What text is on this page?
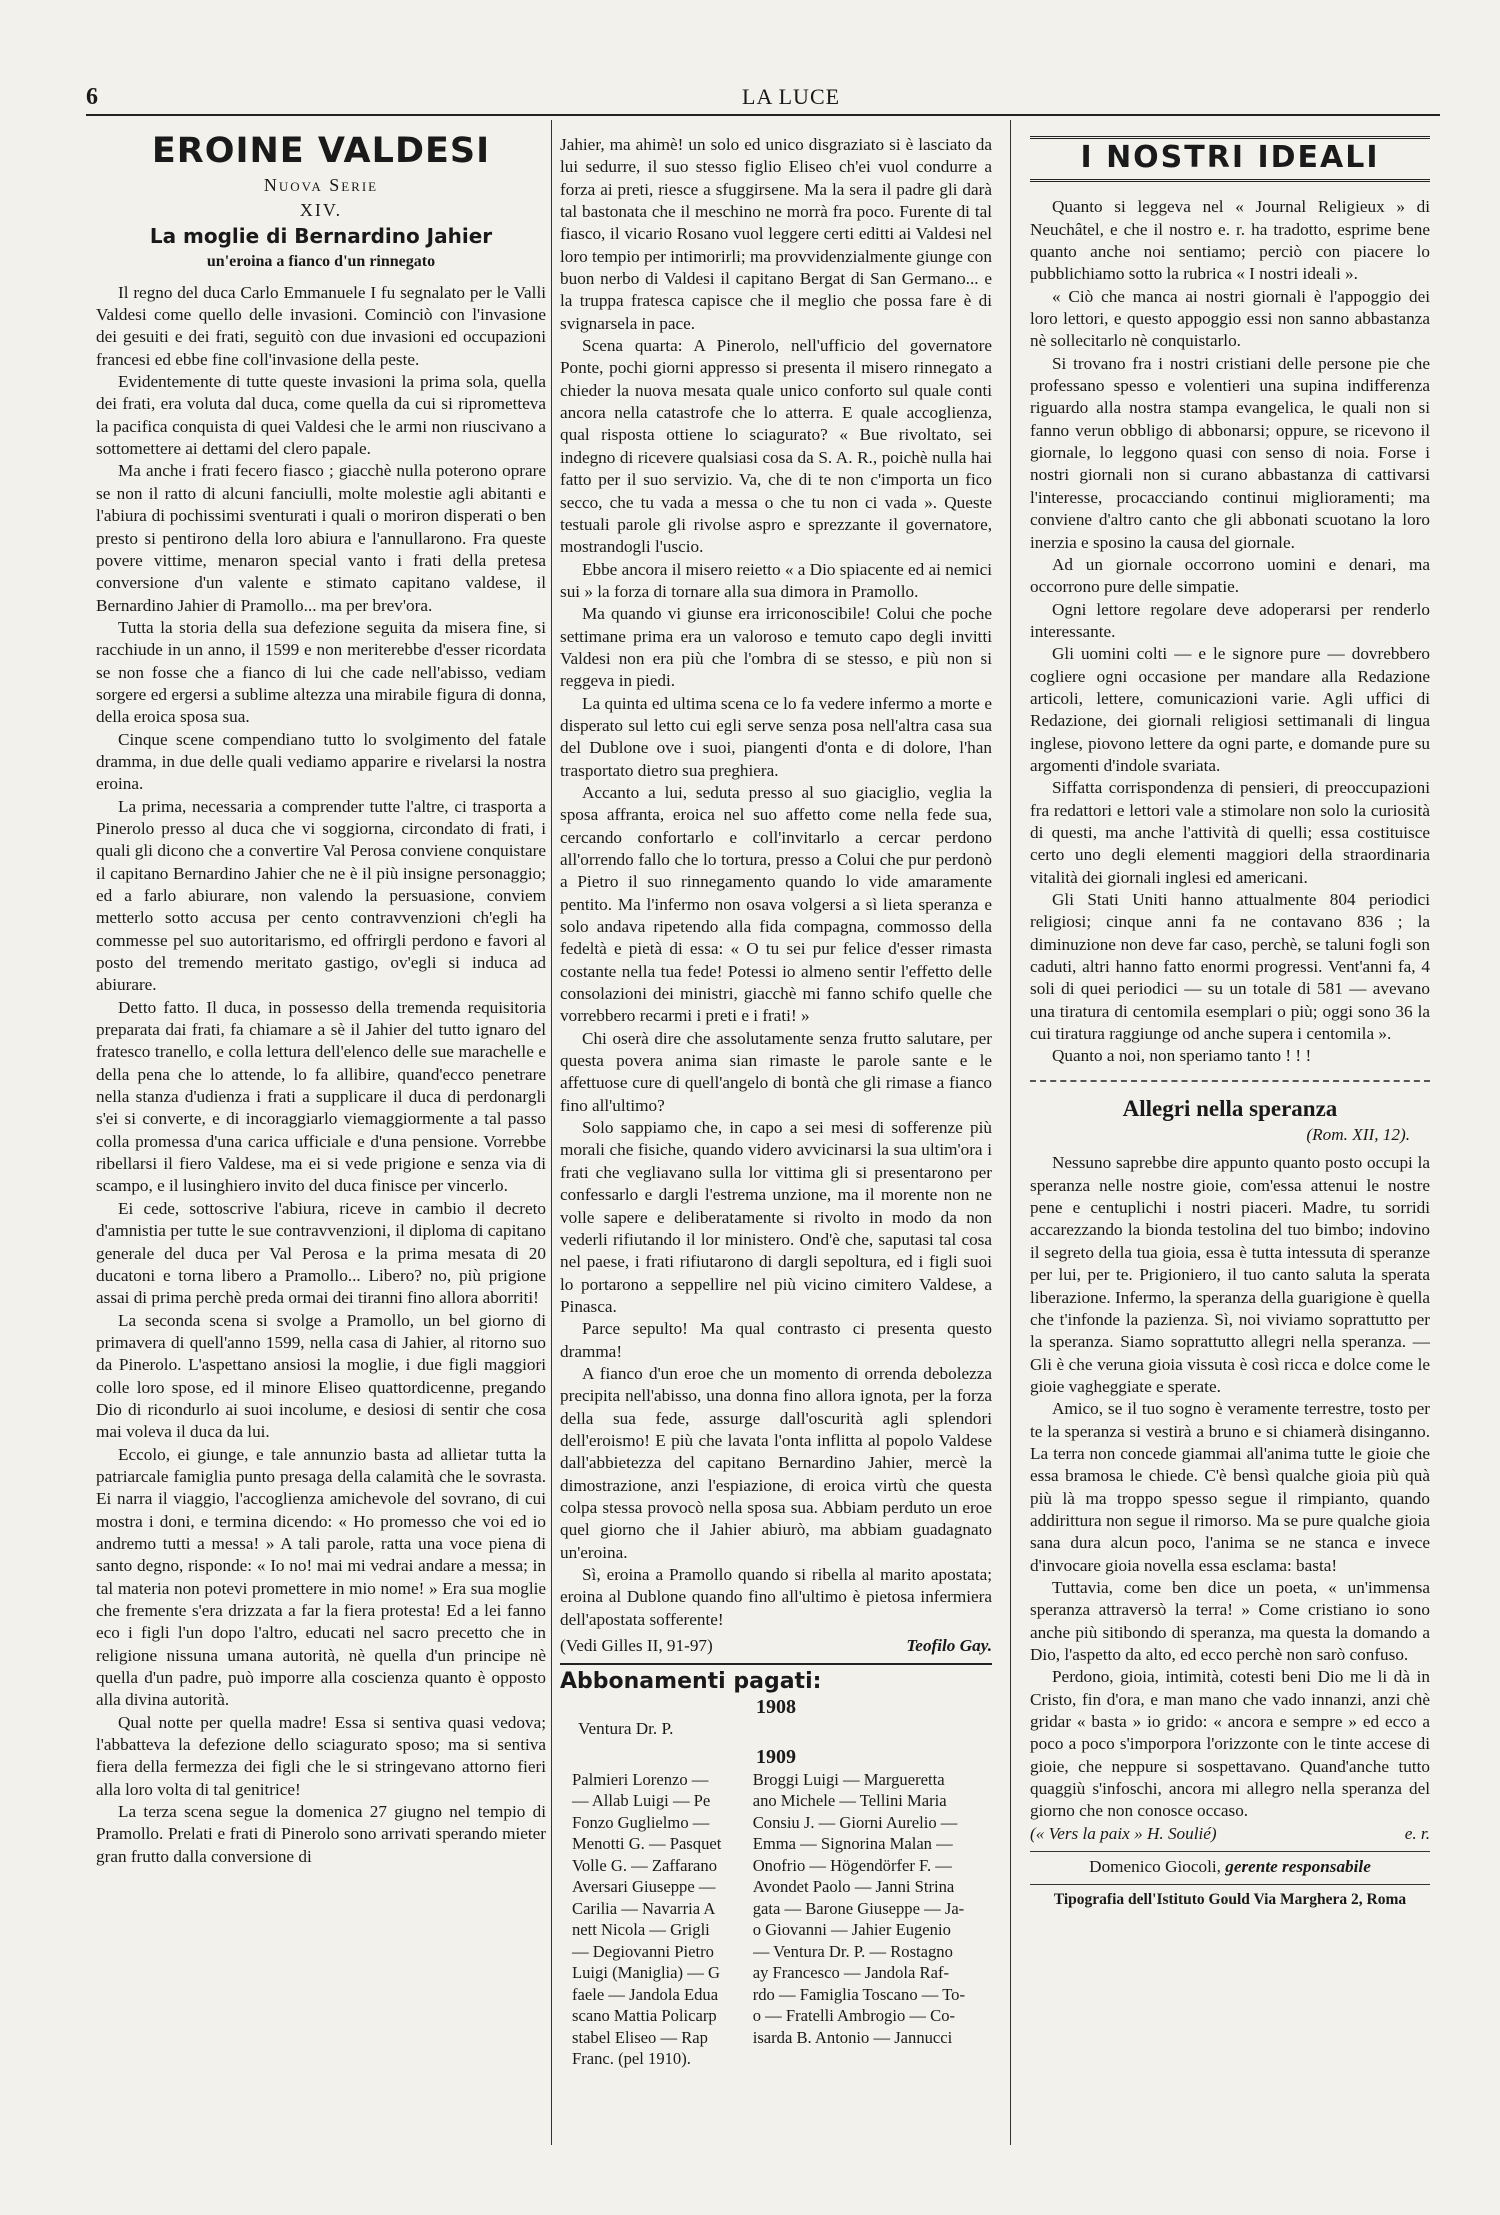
6	LA LUCE
EROINE VALDESI
Nuova Serie
XIV.
La moglie di Bernardino Jahier
un'eroina a fianco d'un rinnegato

Il regno del duca Carlo Emmanuele I fu segnalato per le Valli Valdesi come quello delle invasioni. Cominciò con l'invasione dei gesuiti e dei frati, seguitò con due invasioni ed occupazioni francesi ed ebbe fine coll'invasione della peste.

Evidentemente di tutte queste invasioni la prima sola, quella dei frati, era voluta dal duca, come quella da cui si riprometteva la pacifica conquista di quei Valdesi che le armi non riuscivano a sottomettere ai dettami del clero papale.

Ma anche i frati fecero fiasco ; giacchè nulla poterono oprare se non il ratto di alcuni fanciulli, molte molestie agli abitanti e l'abiura di pochissimi sventurati i quali o moriron disperati o ben presto si pentirono della loro abiura e l'annullarono. Fra queste povere vittime, menaron special vanto i frati della pretesa conversione d'un valente e stimato capitano valdese, il Bernardino Jahier di Pramollo... ma per brev'ora.

Tutta la storia della sua defezione seguita da misera fine, si racchiude in un anno, il 1599 e non meriterebbe d'esser ricordata se non fosse che a fianco di lui che cade nell'abisso, vediam sorgere ed ergersi a sublime altezza una mirabile figura di donna, della eroica sposa sua.

Cinque scene compendiano tutto lo svolgimento del fatale dramma, in due delle quali vediamo apparire e rivelarsi la nostra eroina.

La prima, necessaria a comprender tutte l'altre, ci trasporta a Pinerolo presso al duca che vi soggiorna, circondato di frati, i quali gli dicono che a convertire Val Perosa conviene conquistare il capitano Bernardino Jahier che ne è il più insigne personaggio; ed a farlo abiurare, non valendo la persuasione, conviem metterlo sotto accusa per cento contravvenzioni ch'egli ha commesse pel suo autoritarismo, ed offrirgli perdono e favori al posto del tremendo meritato gastigo, ov'egli si induca ad abiurare.

Detto fatto. Il duca, in possesso della tremenda requisitoria preparata dai frati, fa chiamare a sè il Jahier del tutto ignaro del fratesco tranello, e colla lettura dell'elenco delle sue marachelle e della pena che lo attende, lo fa allibire, quand'ecco penetrare nella stanza d'udienza i frati a supplicare il duca di perdonargli s'ei si converte, e di incoraggiarlo viemaggiormente a tal passo colla promessa d'una carica ufficiale e d'una pensione. Vorrebbe ribellarsi il fiero Valdese, ma ei si vede prigione e senza via di scampo, e il lusinghiero invito del duca finisce per vincerlo.

Ei cede, sottoscrive l'abiura, riceve in cambio il decreto d'amnistia per tutte le sue contravvenzioni, il diploma di capitano generale del duca per Val Perosa e la prima mesata di 20 ducatoni e torna libero a Pramollo... Libero? no, più prigione assai di prima perchè preda ormai dei tiranni fino allora aborriti!

La seconda scena si svolge a Pramollo, un bel giorno di primavera di quell'anno 1599, nella casa di Jahier, al ritorno suo da Pinerolo. L'aspettano ansiosi la moglie, i due figli maggiori colle loro spose, ed il minore Eliseo quattordicenne, pregando Dio di ricondurlo ai suoi incolume, e desiosi di sentir che cosa mai voleva il duca da lui.

Eccolo, ei giunge, e tale annunzio basta ad allietar tutta la patriarcale famiglia punto presaga della calamità che le sovrasta. Ei narra il viaggio, l'accoglienza amichevole del sovrano, di cui mostra i doni, e termina dicendo: « Ho promesso che voi ed io andremo tutti a messa! » A tali parole, ratta una voce piena di santo degno, risponde: « Io no! mai mi vedrai andare a messa; in tal materia non potevi promettere in mio nome! » Era sua moglie che fremente s'era drizzata a far la fiera protesta! Ed a lei fanno eco i figli l'un dopo l'altro, educati nel sacro precetto che in religione nissuna umana autorità, nè quella d'un principe nè quella d'un padre, può imporre alla coscienza quanto è opposto alla divina autorità.

Qual notte per quella madre! Essa si sentiva quasi vedova; l'abbatteva la defezione dello sciagurato sposo; ma si sentiva fiera della fermezza dei figli che le si stringevano attorno fieri alla loro volta di tal genitrice!

La terza scena segue la domenica 27 giugno nel tempio di Pramollo. Prelati e frati di Pinerolo sono arrivati sperando mieter gran frutto dalla conversione di

Jahier, ma ahimè! un solo ed unico disgraziato si è lasciato da lui sedurre, il suo stesso figlio Eliseo ch'ei vuol condurre a forza ai preti, riesce a sfuggirsene. Ma la sera il padre gli darà tal bastonata che il meschino ne morrà fra poco. Furente di tal fiasco, il vicario Rosano vuol leggere certi editti ai Valdesi nel loro tempio per intimorirli; ma provvidenzialmente giunge con buon nerbo di Valdesi il capitano Bergat di San Germano... e la truppa fratesca capisce che il meglio che possa fare è di svignarsela in pace.

Scena quarta: A Pinerolo, nell'ufficio del governatore Ponte, pochi giorni appresso si presenta il misero rinnegato a chieder la nuova mesata quale unico conforto sul quale conti ancora nella catastrofe che lo atterra. E quale accoglienza, qual risposta ottiene lo sciagurato? « Bue rivoltato, sei indegno di ricevere qualsiasi cosa da S. A. R., poichè nulla hai fatto per il suo servizio. Va, che di te non c'importa un fico secco, che tu vada a messa o che tu non ci vada ». Queste testuali parole gli rivolse aspro e sprezzante il governatore, mostrandogli l'uscio.

Ebbe ancora il misero reietto « a Dio spiacente ed ai nemici sui » la forza di tornare alla sua dimora in Pramollo.

Ma quando vi giunse era irriconoscibile! Colui che poche settimane prima era un valoroso e temuto capo degli invitti Valdesi non era più che l'ombra di se stesso, e più non si reggeva in piedi.

La quinta ed ultima scena ce lo fa vedere infermo a morte e disperato sul letto cui egli serve senza posa nell'altra casa sua del Dublone ove i suoi, piangenti d'onta e di dolore, l'han trasportato dietro sua preghiera.

Accanto a lui, seduta presso al suo giaciglio, veglia la sposa affranta, eroica nel suo affetto come nella fede sua, cercando confortarlo e coll'invitarlo a cercar perdono all'orrendo fallo che lo tortura, presso a Colui che pur perdonò a Pietro il suo rinnegamento quando lo vide amaramente pentito. Ma l'infermo non osava volgersi a sì lieta speranza e solo andava ripetendo alla fida compagna, commosso della fedeltà e pietà di essa: « O tu sei pur felice d'esser rimasta costante nella tua fede! Potessi io almeno sentir l'effetto delle consolazioni dei ministri, giacchè mi fanno schifo quelle che vorrebbero recarmi i preti e i frati! »

Chi oserà dire che assolutamente senza frutto salutare, per questa povera anima sian rimaste le parole sante e le affettuose cure di quell'angelo di bontà che gli rimase a fianco fino all'ultimo?

Solo sappiamo che, in capo a sei mesi di sofferenze più morali che fisiche, quando videro avvicinarsi la sua ultim'ora i frati che vegliavano sulla lor vittima gli si presentarono per confessarlo e dargli l'estrema unzione, ma il morente non ne volle sapere e deliberatamente si rivolto in modo da non vederli rifiutando il lor ministero. Ond'è che, saputasi tal cosa nel paese, i frati rifiutarono di dargli sepoltura, ed i figli suoi lo portarono a seppellire nel più vicino cimitero Valdese, a Pinasca.

Parce sepulto! Ma qual contrasto ci presenta questo dramma!

A fianco d'un eroe che un momento di orrenda debolezza precipita nell'abisso, una donna fino allora ignota, per la forza della sua fede, assurge dall'oscurità agli splendori dell'eroismo! E più che lavata l'onta inflitta al popolo Valdese dall'abbietezza del capitano Bernardino Jahier, mercè la dimostrazione, anzi l'espiazione, di eroica virtù che questa colpa stessa provocò nella sposa sua. Abbiam perduto un eroe quel giorno che il Jahier abiurò, ma abbiam guadagnato un'eroina.

Sì, eroina a Pramollo quando si ribella al marito apostata; eroina al Dublone quando fino all'ultimo è pietosa infermiera dell'apostata sofferente!

(Vedi Gilles II, 91-97)	Teofilo Gay.
Abbonamenti pagati:
1908
Ventura Dr. P.
1909
Palmieri Lorenzo —
— Allab Luigi — Pe
Fonzo Guglielmo —
Menotti G. — Pasquet
Volle G. — Zaffarano
Aversari Giuseppe —
Carilia — Navarria A
nett Nicola — Grigli
— Degiovanni Pietro
Luigi (Maniglia) — G
faele — Jandola Edua
scano Mattia Policarp
stabel Eliseo — Rap
Franc. (pel 1910).
Broggi Luigi — Margueretta
ano Michele — Tellini Maria
Consiu J. — Giorni Aurelio —
Emma — Signorina Malan —
Onofrio — Högendörfer F. —
Avondet Paolo — Janni Strina
gata — Barone Giuseppe — Ja-
o Giovanni — Jahier Eugenio
— Ventura Dr. P. — Rostagno
ay Francesco — Jandola Raf-
rdo — Famiglia Toscano — To-
o — Fratelli Ambrogio — Co-
isarda B. Antonio — Jannucci
I NOSTRI IDEALI

Quanto si leggeva nel « Journal Religieux » di Neuchâtel, e che il nostro e. r. ha tradotto, esprime bene quanto anche noi sentiamo; perciò con piacere lo pubblichiamo sotto la rubrica « I nostri ideali ».

« Ciò che manca ai nostri giornali è l'appoggio dei loro lettori, e questo appoggio essi non sanno abbastanza nè sollecitarlo nè conquistarlo.

Si trovano fra i nostri cristiani delle persone pie che professano spesso e volentieri una supina indifferenza riguardo alla nostra stampa evangelica, le quali non si fanno verun obbligo di abbonarsi; oppure, se ricevono il giornale, lo leggono quasi con senso di noia. Forse i nostri giornali non si curano abbastanza di cattivarsi l'interesse, procacciando continui miglioramenti; ma conviene d'altro canto che gli abbonati scuotano la loro inerzia e sposino la causa del giornale.

Ad un giornale occorrono uomini e denari, ma occorrono pure delle simpatie.

Ogni lettore regolare deve adoperarsi per renderlo interessante.

Gli uomini colti — e le signore pure — dovrebbero cogliere ogni occasione per mandare alla Redazione articoli, lettere, comunicazioni varie. Agli uffici di Redazione, dei giornali religiosi settimanali di lingua inglese, piovono lettere da ogni parte, e domande pure su argomenti d'indole svariata.

Siffatta corrispondenza di pensieri, di preoccupazioni fra redattori e lettori vale a stimolare non solo la curiosità di questi, ma anche l'attività di quelli; essa costituisce certo uno degli elementi maggiori della straordinaria vitalità dei giornali inglesi ed americani.

Gli Stati Uniti hanno attualmente 804 periodici religiosi; cinque anni fa ne contavano 836 ; la diminuzione non deve far caso, perchè, se taluni fogli son caduti, altri hanno fatto enormi progressi. Vent'anni fa, 4 soli di quei periodici — su un totale di 581 — avevano una tiratura di centomila esemplari o più; oggi sono 36 la cui tiratura raggiunge od anche supera i centomila ».

Quanto a noi, non speriamo tanto ! ! !

Allegri nella speranza
(Rom. XII, 12).

Nessuno saprebbe dire appunto quanto posto occupi la speranza nelle nostre gioie, com'essa attenui le nostre pene e centuplichi i nostri piaceri. Madre, tu sorridi accarezzando la bionda testolina del tuo bimbo; indovino il segreto della tua gioia, essa è tutta intessuta di speranze per lui, per te. Prigioniero, il tuo canto saluta la sperata liberazione. Infermo, la speranza della guarigione è quella che t'infonde la pazienza. Sì, noi viviamo soprattutto per la speranza. Siamo soprattutto allegri nella speranza. — Gli è che veruna gioia vissuta è così ricca e dolce come le gioie vagheggiate e sperate.

Amico, se il tuo sogno è veramente terrestre, tosto per te la speranza si vestirà a bruno e si chiamerà disinganno. La terra non concede giammai all'anima tutte le gioie che essa bramosa le chiede. C'è bensì qualche gioia più quà più là ma troppo spesso segue il rimpianto, quando addirittura non segue il rimorso. Ma se pure qualche gioia sana dura alcun poco, l'anima se ne stanca e invece d'invocare gioia novella essa esclama: basta!

Tuttavia, come ben dice un poeta, « un'immensa speranza attraversò la terra! » Come cristiano io sono anche più sitibondo di speranza, ma questa la domando a Dio, l'aspetto da alto, ed ecco perchè non sarò confuso.

Perdono, gioia, intimità, cotesti beni Dio me li dà in Cristo, fin d'ora, e man mano che vado innanzi, anzi chè gridar « basta » io grido: « ancora e sempre » ed ecco a poco a poco s'imporpora l'orizzonte con le tinte accese di gioie, che neppure si sospettavano. Quand'anche tutto quaggiù s'infoschi, ancora mi allegro nella speranza del giorno che non conosce occaso.

(« Vers la paix » H. Soulié)	e. r.
Domenico Giocoli, gerente responsabile
Tipografia dell'Istituto Gould Via Marghera 2, Roma
